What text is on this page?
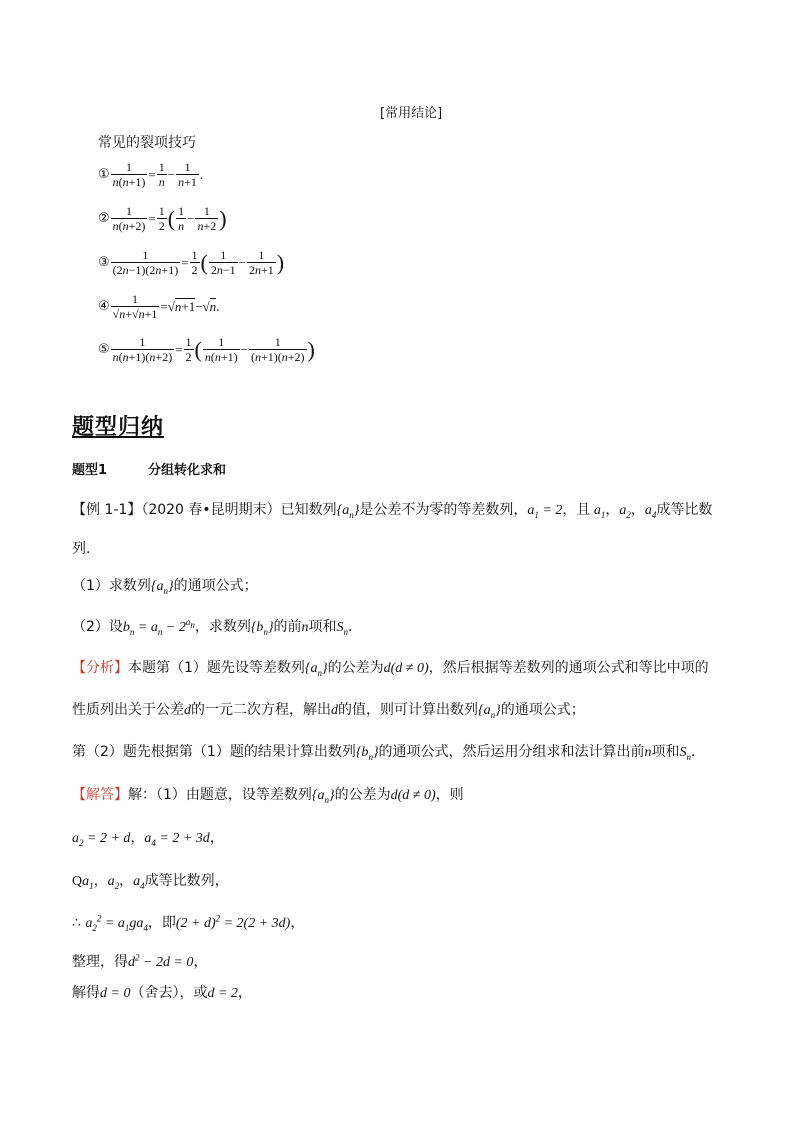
[常用结论]
常见的裂项技巧
① $\frac{1}{n(n+1)} = \frac{1}{n} - \frac{1}{n+1}$ .
② $\frac{1}{n(n+2)} = \frac{1}{2}$ ( $\frac{1}{n} - \frac{1}{n+2}$ )
③ $\frac{1}{(2n-1)(2n+1)} = \frac{1}{2}$ ( $\frac{1}{2n-1} - \frac{1}{2n+1}$ )
④ $\frac{1}{√n+√n+1} =√n+1-√n$.
⑤ $\frac{1}{n(n+1)(n+2)} = \frac{1}{2}$ ( $\frac{1}{n(n+1)} - \frac{1}{(n+1)(n+2)}$ )
题型归纳
题型1	分组转化求和
【例 1-1】（2020 春•昆明期末）已知数列$\{a_n\}$是公差不为零的等差数列，$a_1 = 2$，且 $a_1$，$a_2$，$a_4$成等比数
列．
（1）求数列$\{a_n\}$的通项公式；
（2）设$b_n = a_n - 2^{a_n}$，求数列$\{b_n\}$的前n项和$S_n$．
【分析】本题第（1）题先设等差数列$\{a_n\}$的公差为d(d ≠ 0)，然后根据等差数列的通项公式和等比中项的
性质列出关于公差d的一元二次方程，解出d的值，则可计算出数列$\{a_n\}$的通项公式；
第（2）题先根据第（1）题的结果计算出数列$\{b_n\}$的通项公式，然后运用分组求和法计算出前n项和$S_n$．
【解答】解：（1）由题意，设等差数列$\{a_n\}$的公差为d(d ≠ 0)，则
$a_2 = 2 + d$，$a_4 = 2 + 3d$，
$Qa_1$，$a_2$，$a_4$成等比数列，
∴ $a_2^2 = a_1ga_4$，即$(2 + d)^2 = 2(2 + 3d)$，
整理，得$d^2 - 2d = 0$，
解得d = 0（舍去），或d = 2，
